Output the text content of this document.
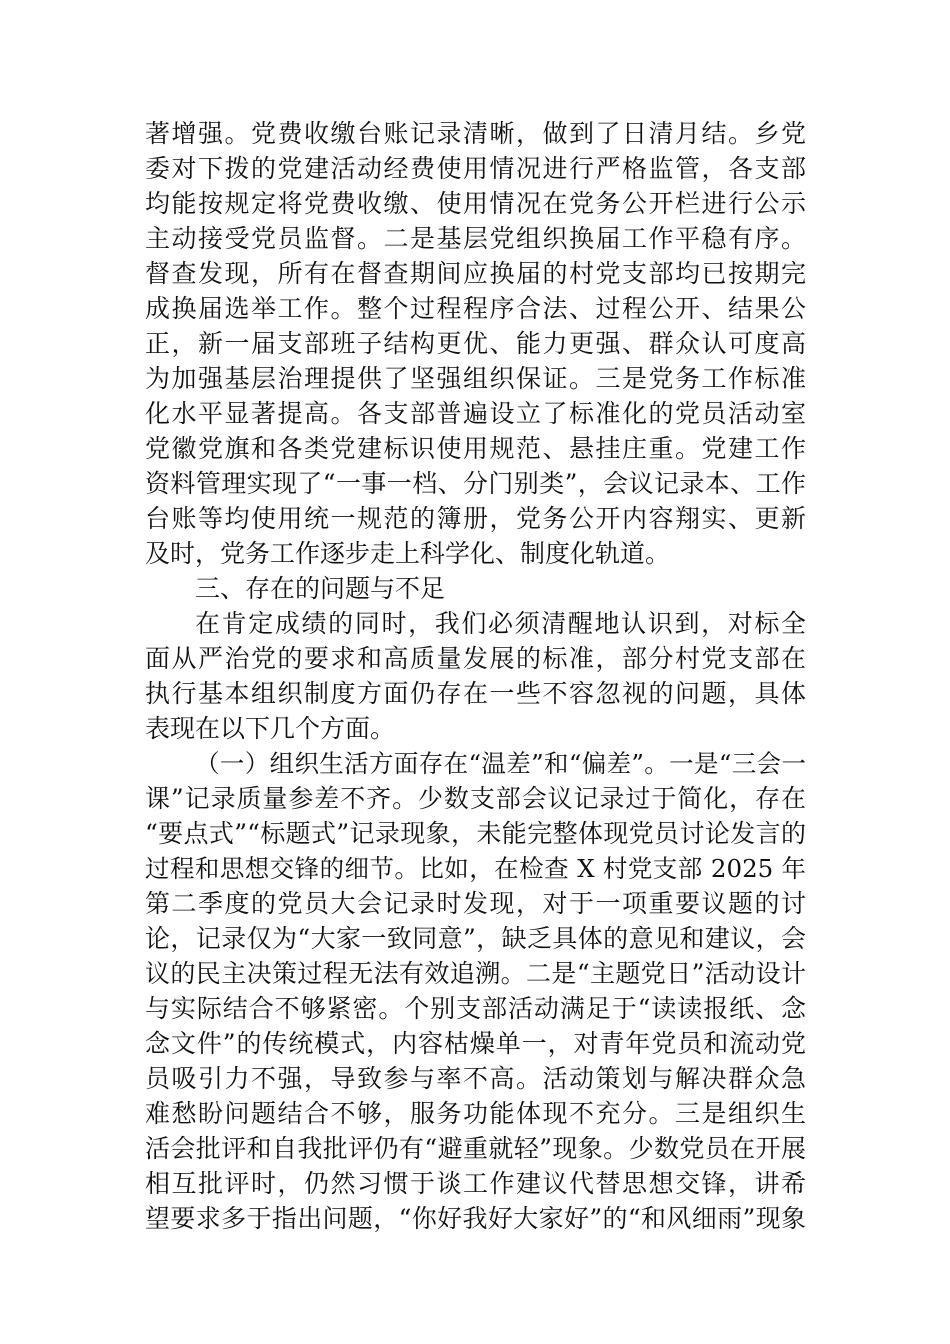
著增强。党费收缴台账记录清晰，做到了日清月结。乡党
委对下拨的党建活动经费使用情况进行严格监管，各支部
均能按规定将党费收缴、使用情况在党务公开栏进行公示
主动接受党员监督。二是基层党组织换届工作平稳有序。
督查发现，所有在督查期间应换届的村党支部均已按期完
成换届选举工作。整个过程程序合法、过程公开、结果公
正，新一届支部班子结构更优、能力更强、群众认可度高
为加强基层治理提供了坚强组织保证。三是党务工作标准
化水平显著提高。各支部普遍设立了标准化的党员活动室
党徽党旗和各类党建标识使用规范、悬挂庄重。党建工作
资料管理实现了“一事一档、分门别类”，会议记录本、工作
台账等均使用统一规范的簿册，党务公开内容翔实、更新
及时，党务工作逐步走上科学化、制度化轨道。
三、存在的问题与不足
在肯定成绩的同时，我们必须清醒地认识到，对标全
面从严治党的要求和高质量发展的标准，部分村党支部在
执行基本组织制度方面仍存在一些不容忽视的问题，具体
表现在以下几个方面。
（一）组织生活方面存在“温差”和“偏差”。一是“三会一
课”记录质量参差不齐。少数支部会议记录过于简化，存在
“要点式”“标题式”记录现象，未能完整体现党员讨论发言的
过程和思想交锋的细节。比如，在检查 X 村党支部 2025 年
第二季度的党员大会记录时发现，对于一项重要议题的讨
论，记录仅为“大家一致同意”，缺乏具体的意见和建议，会
议的民主决策过程无法有效追溯。二是“主题党日”活动设计
与实际结合不够紧密。个别支部活动满足于“读读报纸、念
念文件”的传统模式，内容枯燥单一，对青年党员和流动党
员吸引力不强，导致参与率不高。活动策划与解决群众急
难愁盼问题结合不够，服务功能体现不充分。三是组织生
活会批评和自我批评仍有“避重就轻”现象。少数党员在开展
相互批评时，仍然习惯于谈工作建议代替思想交锋，讲希
望要求多于指出问题，“你好我好大家好”的“和风细雨”现象
